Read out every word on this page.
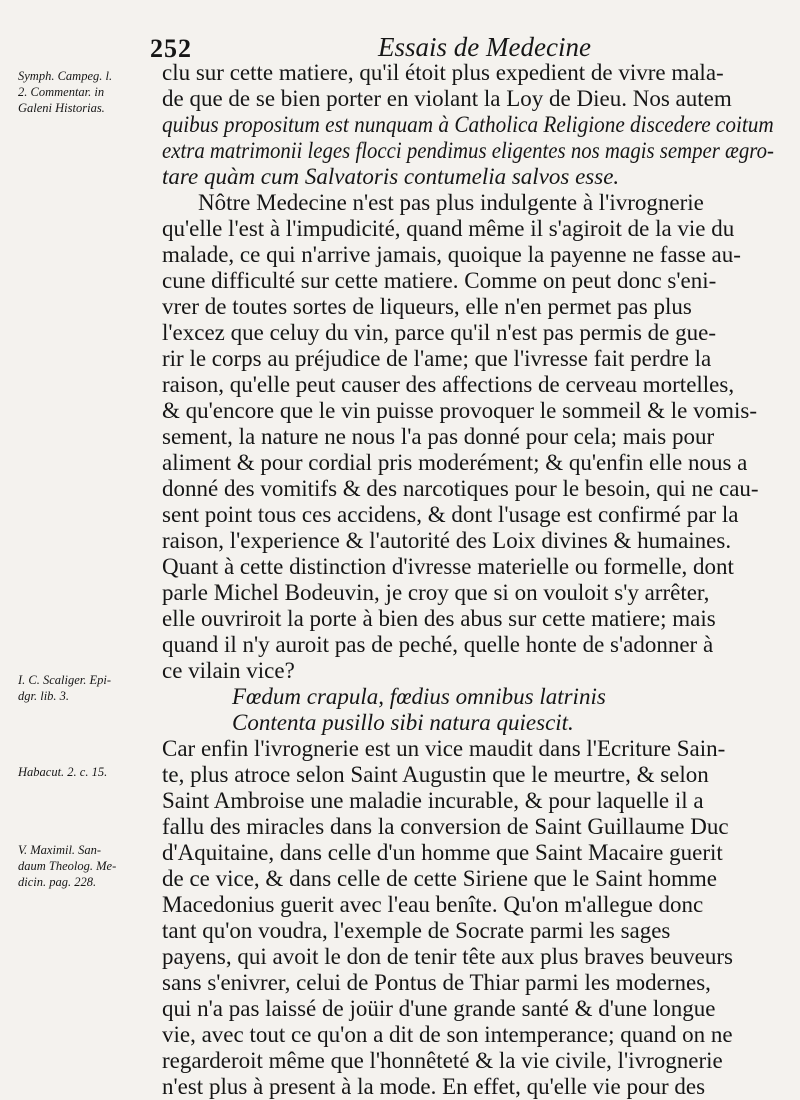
252	Essais de Medecine
Symph. Campeg. l.
2. Commentar. in
Galeni Historias.
I. C. Scaliger. Epi-
dgr. lib. 3.
Habacut. 2. c. 15.
V. Maximil. San-
daum Theolog. Me-
dicin. pag. 228.
clu sur cette matiere, qu'il étoit plus expedient de vivre mala-
de que de se bien porter en violant la Loy de Dieu. Nos autem
quibus propositum est nunquam à Catholica Religione discedere coitum
extra matrimonii leges flocci pendimus eligentes nos magis semper ægro-
tare quàm cum Salvatoris contumelia salvos esse.
Nôtre Medecine n'est pas plus indulgente à l'ivrognerie
qu'elle l'est à l'impudicité, quand même il s'agiroit de la vie du
malade, ce qui n'arrive jamais, quoique la payenne ne fasse au-
cune difficulté sur cette matiere. Comme on peut donc s'eni-
vrer de toutes sortes de liqueurs, elle n'en permet pas plus
l'excez que celuy du vin, parce qu'il n'est pas permis de gue-
rir le corps au préjudice de l'ame; que l'ivresse fait perdre la
raison, qu'elle peut causer des affections de cerveau mortelles,
& qu'encore que le vin puisse provoquer le sommeil & le vomis-
sement, la nature ne nous l'a pas donné pour cela; mais pour
aliment & pour cordial pris moderément; & qu'enfin elle nous a
donné des vomitifs & des narcotiques pour le besoin, qui ne cau-
sent point tous ces accidens, & dont l'usage est confirmé par la
raison, l'experience & l'autorité des Loix divines & humaines.
Quant à cette distinction d'ivresse materielle ou formelle, dont
parle Michel Bodeuvin, je croy que si on vouloit s'y arrêter,
elle ouvriroit la porte à bien des abus sur cette matiere; mais
quand il n'y auroit pas de peché, quelle honte de s'adonner à
ce vilain vice?
Fœdum crapula, fœdius omnibus latrinis
Contenta pusillo sibi natura quiescit.
Car enfin l'ivrognerie est un vice maudit dans l'Ecriture Sain-
te, plus atroce selon Saint Augustin que le meurtre, & selon
Saint Ambroise une maladie incurable, & pour laquelle il a
fallu des miracles dans la conversion de Saint Guillaume Duc
d'Aquitaine, dans celle d'un homme que Saint Macaire guerit
de ce vice, & dans celle de cette Siriene que le Saint homme
Macedonius guerit avec l'eau benîte. Qu'on m'allegue donc
tant qu'on voudra, l'exemple de Socrate parmi les sages
payens, qui avoit le don de tenir tête aux plus braves beuveurs
sans s'enivrer, celui de Pontus de Thiar parmi les modernes,
qui n'a pas laissé de joüir d'une grande santé & d'une longue
vie, avec tout ce qu'on a dit de son intemperance; quand on ne
regarderoit même que l'honnêteté & la vie civile, l'ivrognerie
n'est plus à present à la mode. En effet, qu'elle vie pour des
